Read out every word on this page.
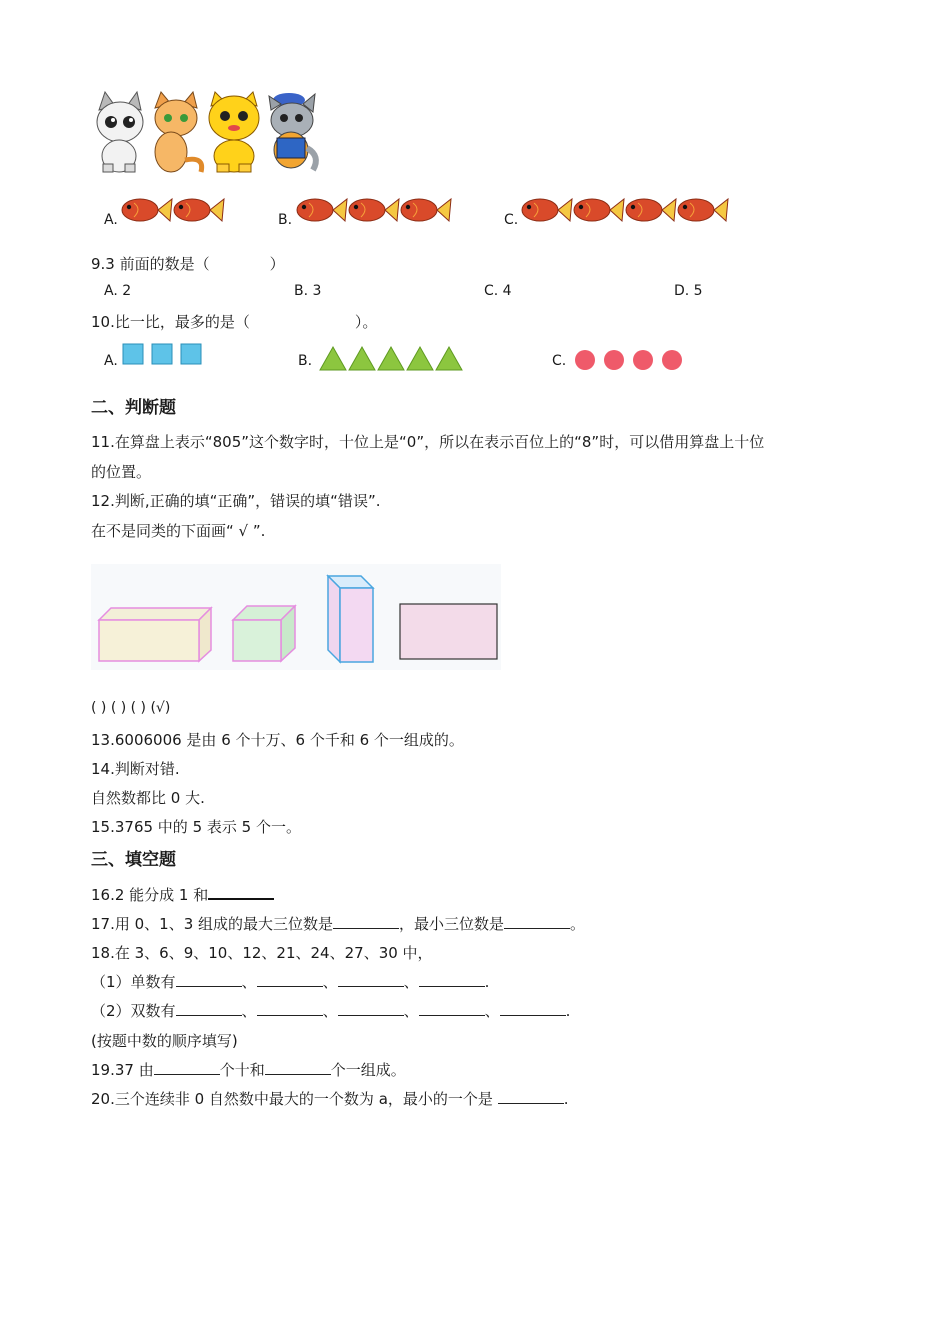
A.	B.	C.
9.3 前面的数是（　　　　）
A. 2	B. 3	C. 4	D. 5
10.比一比，最多的是（　　　　　　　）。
A.	B.	C.
二、判断题
11.在算盘上表示“805”这个数字时，十位上是“0”，所以在表示百位上的“8”时，可以借用算盘上十位
的位置。
12.判断,正确的填“正确”，错误的填“错误”.
在不是同类的下面画“ √ ”.
( ) ( ) ( ) (√)
13.6006006 是由 6 个十万、6 个千和 6 个一组成的。
14.判断对错.
自然数都比 0 大.
15.3765 中的 5 表示 5 个一。
三、填空题
16.2 能分成 1 和
17.用 0、1、3 组成的最大三位数是	，最小三位数是	。
18.在 3、6、9、10、12、21、24、27、30 中，
（1）单数有	、	、	、	.
（2）双数有	、	、	、	、	.
(按题中数的顺序填写)
19.37 由	个十和	个一组成。
20.三个连续非 0 自然数中最大的一个数为 a，最小的一个是	.
